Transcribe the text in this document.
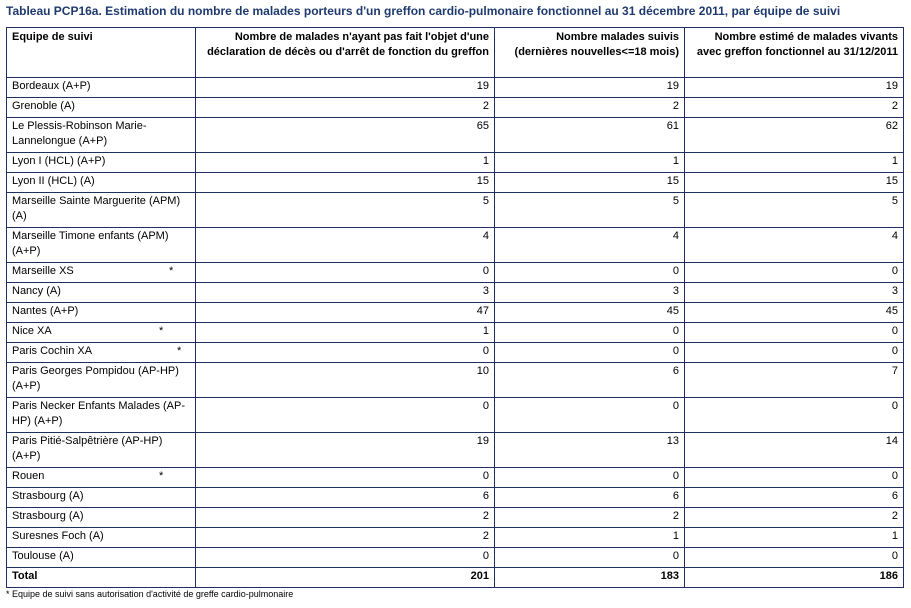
Tableau PCP16a. Estimation du nombre de malades porteurs d'un greffon cardio-pulmonaire fonctionnel au 31 décembre 2011, par équipe de suivi
Equipe de suivi	Nombre de malades n'ayant pas fait l'objet d'une déclaration de décès ou d'arrêt de fonction du greffon	Nombre malades suivis (dernières nouvelles<=18 mois)	Nombre estimé de malades vivants avec greffon fonctionnel au 31/12/2011
Bordeaux (A+P)	19	19	19
Grenoble (A)	2	2	2
Le Plessis-Robinson Marie-Lannelongue (A+P)	65	61	62
Lyon I (HCL) (A+P)	1	1	1
Lyon II (HCL) (A)	15	15	15
Marseille Sainte Marguerite (APM) (A)	5	5	5
Marseille Timone enfants (APM) (A+P)	4	4	4
Marseille XS *	0	0	0
Nancy (A)	3	3	3
Nantes (A+P)	47	45	45
Nice XA *	1	0	0
Paris Cochin XA *	0	0	0
Paris Georges Pompidou (AP-HP) (A+P)	10	6	7
Paris Necker Enfants Malades (AP-HP) (A+P)	0	0	0
Paris Pitié-Salpêtrière (AP-HP) (A+P)	19	13	14
Rouen *	0	0	0
Strasbourg (A)	6	6	6
Strasbourg (A)	2	2	2
Suresnes Foch (A)	2	1	1
Toulouse (A)	0	0	0
Total	201	183	186
* Equipe de suivi sans autorisation d'activité de greffe cardio-pulmonaire
